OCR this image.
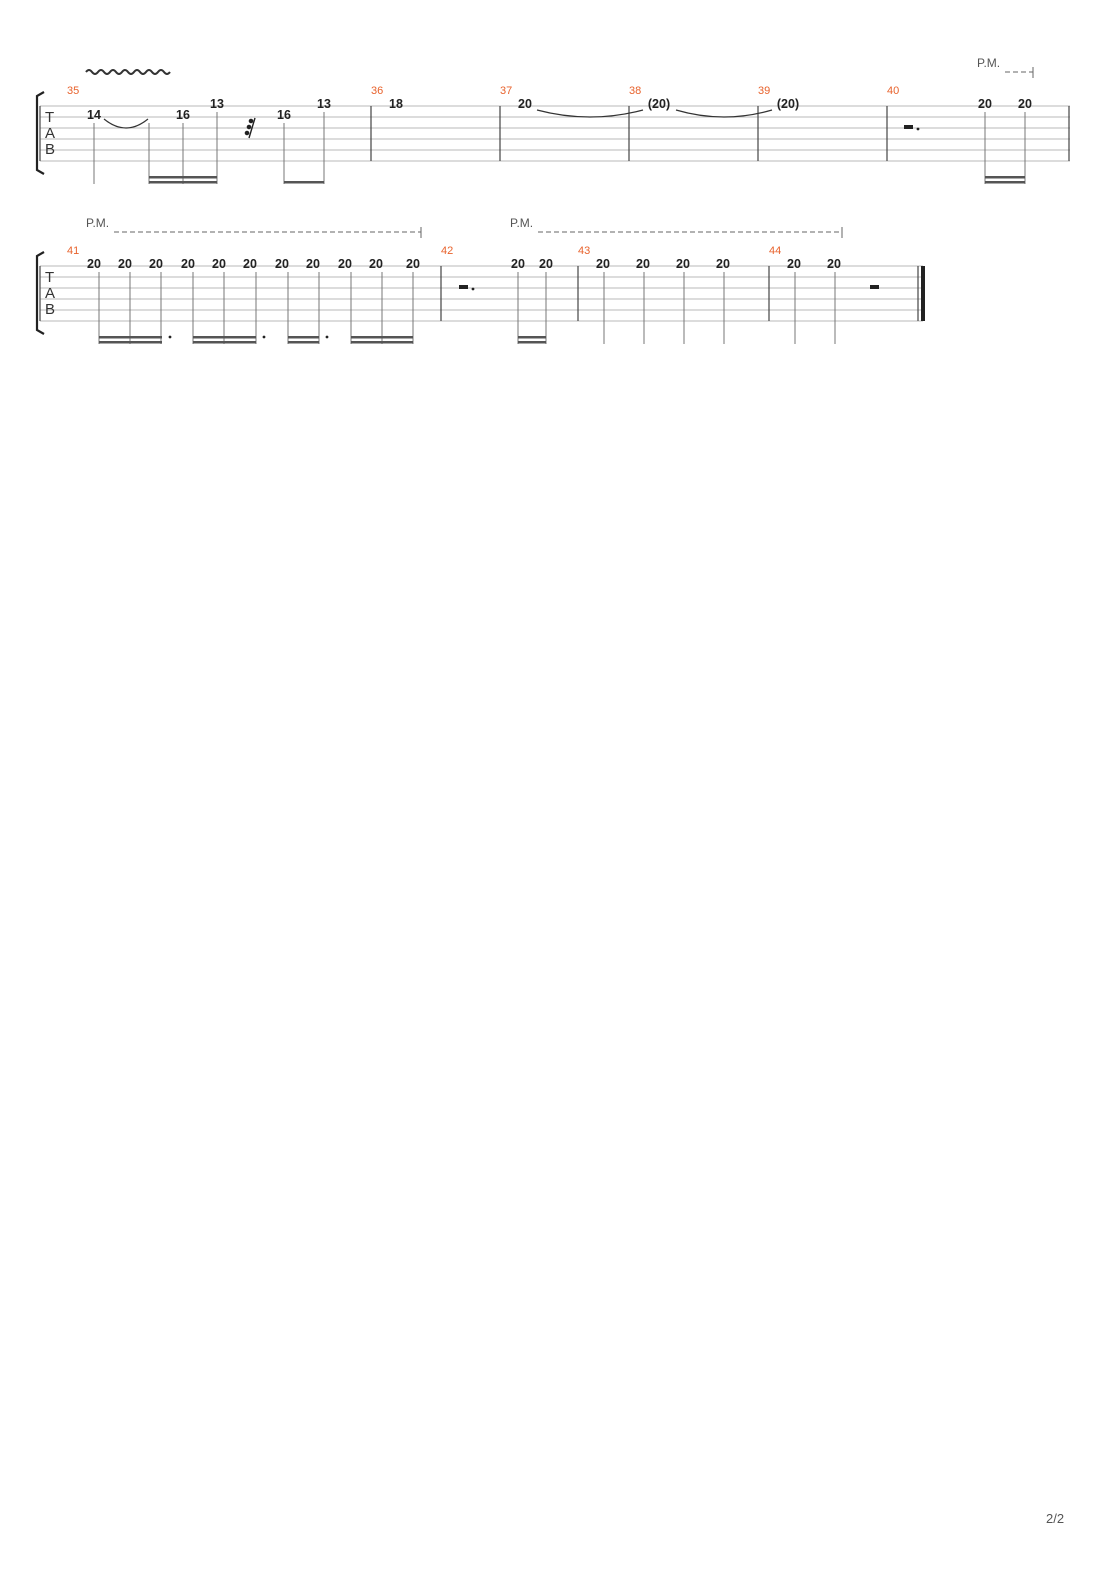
T
A
B
35	36	37	38	39	40
14	16
13
16
13	18	20	(20)	(20)	20 20
P.M.
T
A
B
41	42	43	44
P.M.	P.M.
20 20 20 20 20 20 20 20 20 20 20	20 20	20 20 20 20	20 20
2/2
